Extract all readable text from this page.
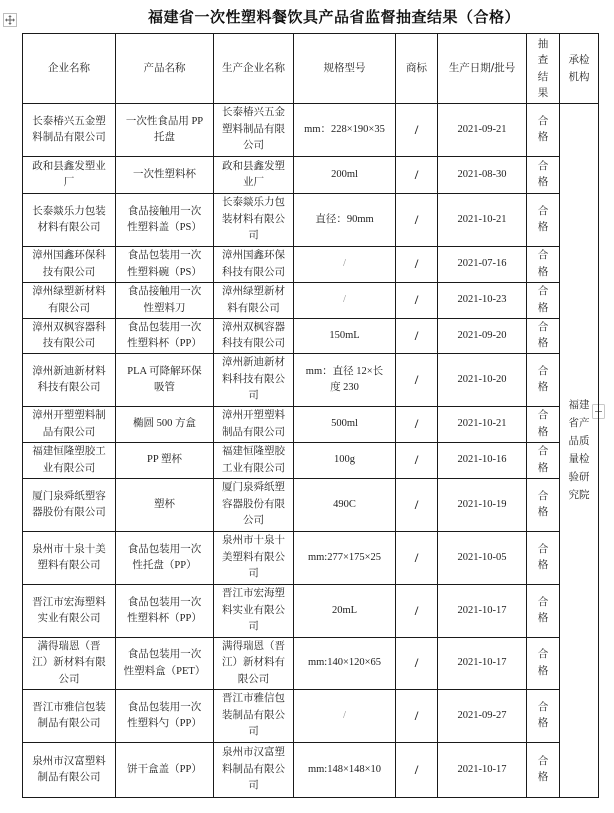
福建省一次性塑料餐饮具产品省监督抽查结果（合格）
企业名称	产品名称	生产企业名称	规格型号	商标	生产日期/批号	抽查结果	承检机构
长泰椿兴五金塑料制品有限公司	一次性食品用 PP 托盘	长泰椿兴五金塑料制品有限公司	mm：228×190×35	/	2021-09-21	合格	福建省产品质量检验研究院
政和县鑫发塑业厂	一次性塑料杯	政和县鑫发塑业厂	200ml	/	2021-08-30	合格	
长泰燚乐力包装材料有限公司	食品接触用一次性塑料盖（PS）	长泰燚乐力包装材料有限公司	直径：90mm	/	2021-10-21	合格	
漳州国鑫环保科技有限公司	食品包装用一次性塑料碗（PS）	漳州国鑫环保科技有限公司	/	/	2021-07-16	合格	
漳州绿塑新材料有限公司	食品接触用一次性塑料刀	漳州绿塑新材料有限公司	/	/	2021-10-23	合格	
漳州双枫容器科技有限公司	食品包装用一次性塑料杯（PP）	漳州双枫容器科技有限公司	150mL	/	2021-09-20	合格	
漳州新迪新材料科技有限公司	PLA 可降解环保吸管	漳州新迪新材料科技有限公司	mm：直径 12×长度 230	/	2021-10-20	合格	
漳州开塑塑料制品有限公司	椭圆 500 方盒	漳州开塑塑料制品有限公司	500ml	/	2021-10-21	合格	
福建恒隆塑胶工业有限公司	PP 塑杯	福建恒隆塑胶工业有限公司	100g	/	2021-10-16	合格	
厦门泉舜纸塑容器股份有限公司	塑杯	厦门泉舜纸塑容器股份有限公司	490C	/	2021-10-19	合格	
泉州市十泉十美塑料有限公司	食品包装用一次性托盘（PP）	泉州市十泉十美塑料有限公司	mm:277×175×25	/	2021-10-05	合格	
晋江市宏海塑料实业有限公司	食品包装用一次性塑料杯（PP）	晋江市宏海塑料实业有限公司	20mL	/	2021-10-17	合格	
满得瑞恩（晋江）新材料有限公司	食品包装用一次性塑料盒（PET）	满得瑞恩（晋江）新材料有限公司	mm:140×120×65	/	2021-10-17	合格	
晋江市雅信包装制品有限公司	食品包装用一次性塑料勺（PP）	晋江市雅信包装制品有限公司	/	/	2021-09-27	合格	
泉州市汉富塑料制品有限公司	饼干盒盖（PP）	泉州市汉富塑料制品有限公司	mm:148×148×10	/	2021-10-17	合格	
